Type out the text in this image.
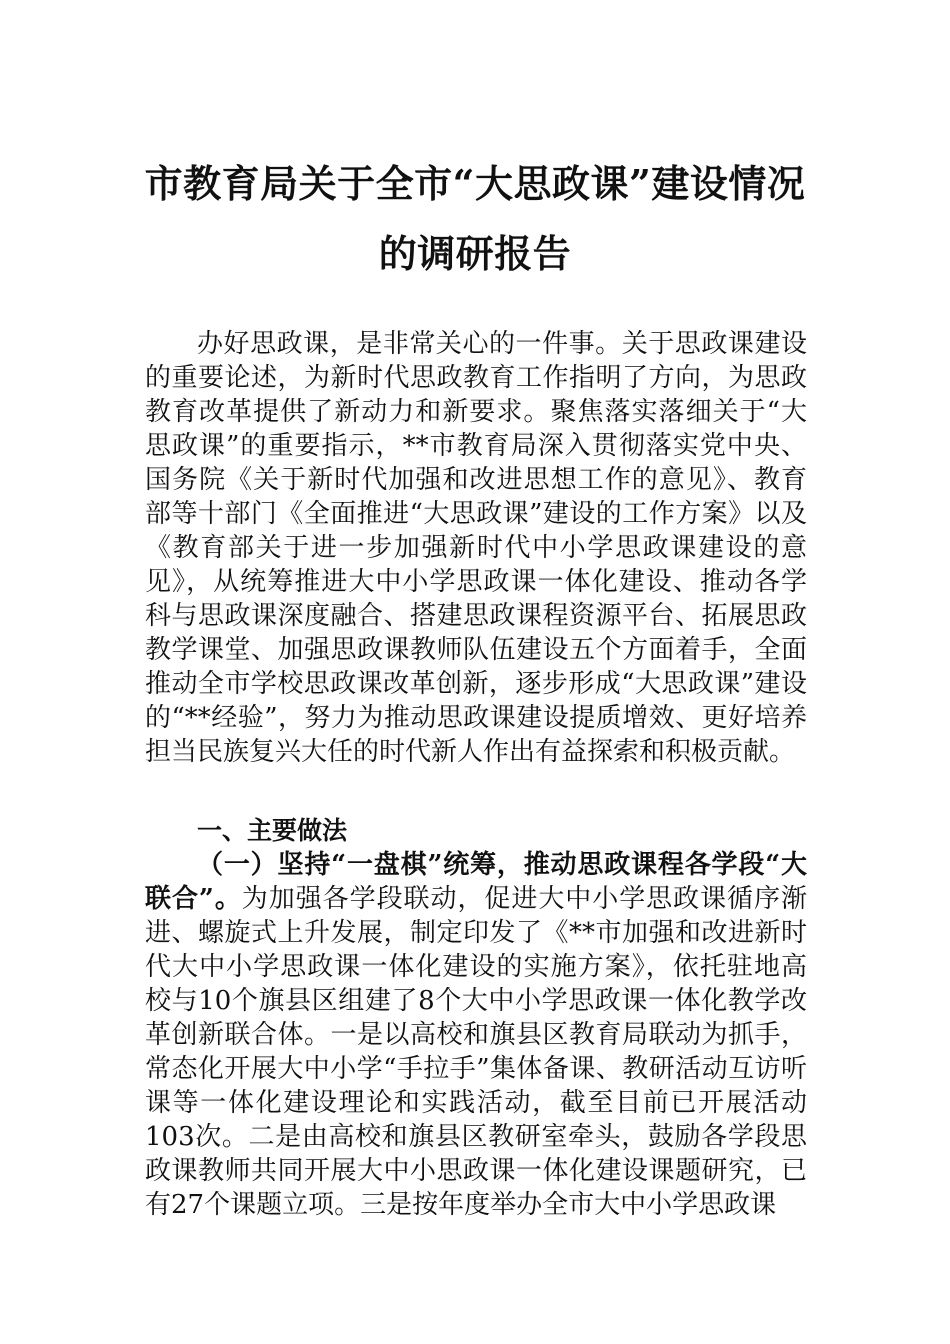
市教育局关于全市“大思政课”建设情况
的调研报告

办好思政课，是非常关心的一件事。关于思政课建设的重要论述，为新时代思政教育工作指明了方向，为思政教育改革提供了新动力和新要求。聚焦落实落细关于“大思政课”的重要指示，**市教育局深入贯彻落实党中央、国务院《关于新时代加强和改进思想工作的意见》、教育部等十部门《全面推进“大思政课”建设的工作方案》以及《教育部关于进一步加强新时代中小学思政课建设的意见》，从统筹推进大中小学思政课一体化建设、推动各学科与思政课深度融合、搭建思政课程资源平台、拓展思政教学课堂、加强思政课教师队伍建设五个方面着手，全面推动全市学校思政课改革创新，逐步形成“大思政课”建设的“**经验”，努力为推动思政课建设提质增效、更好培养担当民族复兴大任的时代新人作出有益探索和积极贡献。

一、主要做法

（一）坚持“一盘棋”统筹，推动思政课程各学段“大联合”。为加强各学段联动，促进大中小学思政课循序渐进、螺旋式上升发展，制定印发了《**市加强和改进新时代大中小学思政课一体化建设的实施方案》，依托驻地高校与10个旗县区组建了8个大中小学思政课一体化教学改革创新联合体。一是以高校和旗县区教育局联动为抓手，常态化开展大中小学“手拉手”集体备课、教研活动互访听课等一体化建设理论和实践活动，截至目前已开展活动103次。二是由高校和旗县区教研室牵头，鼓励各学段思政课教师共同开展大中小思政课一体化建设课题研究，已有27个课题立项。三是按年度举办全市大中小学思政课
